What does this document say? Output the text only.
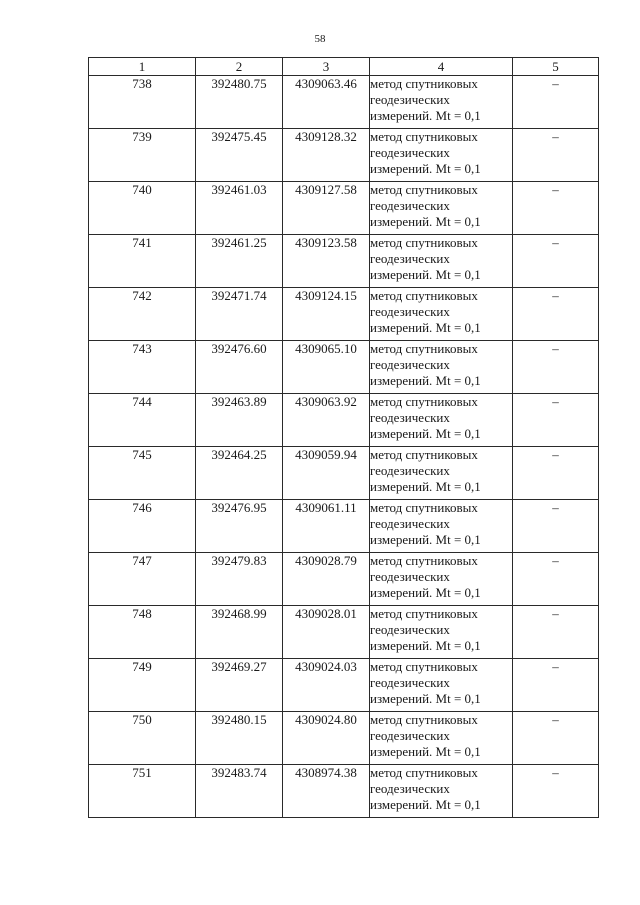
58
1	2	3	4	5
738	392480.75	4309063.46	метод спутниковых
геодезических
измерений. Mt = 0,1	–
739	392475.45	4309128.32	метод спутниковых
геодезических
измерений. Mt = 0,1	–
740	392461.03	4309127.58	метод спутниковых
геодезических
измерений. Mt = 0,1	–
741	392461.25	4309123.58	метод спутниковых
геодезических
измерений. Mt = 0,1	–
742	392471.74	4309124.15	метод спутниковых
геодезических
измерений. Mt = 0,1	–
743	392476.60	4309065.10	метод спутниковых
геодезических
измерений. Mt = 0,1	–
744	392463.89	4309063.92	метод спутниковых
геодезических
измерений. Mt = 0,1	–
745	392464.25	4309059.94	метод спутниковых
геодезических
измерений. Mt = 0,1	–
746	392476.95	4309061.11	метод спутниковых
геодезических
измерений. Mt = 0,1	–
747	392479.83	4309028.79	метод спутниковых
геодезических
измерений. Mt = 0,1	–
748	392468.99	4309028.01	метод спутниковых
геодезических
измерений. Mt = 0,1	–
749	392469.27	4309024.03	метод спутниковых
геодезических
измерений. Mt = 0,1	–
750	392480.15	4309024.80	метод спутниковых
геодезических
измерений. Mt = 0,1	–
751	392483.74	4308974.38	метод спутниковых
геодезических
измерений. Mt = 0,1	–
